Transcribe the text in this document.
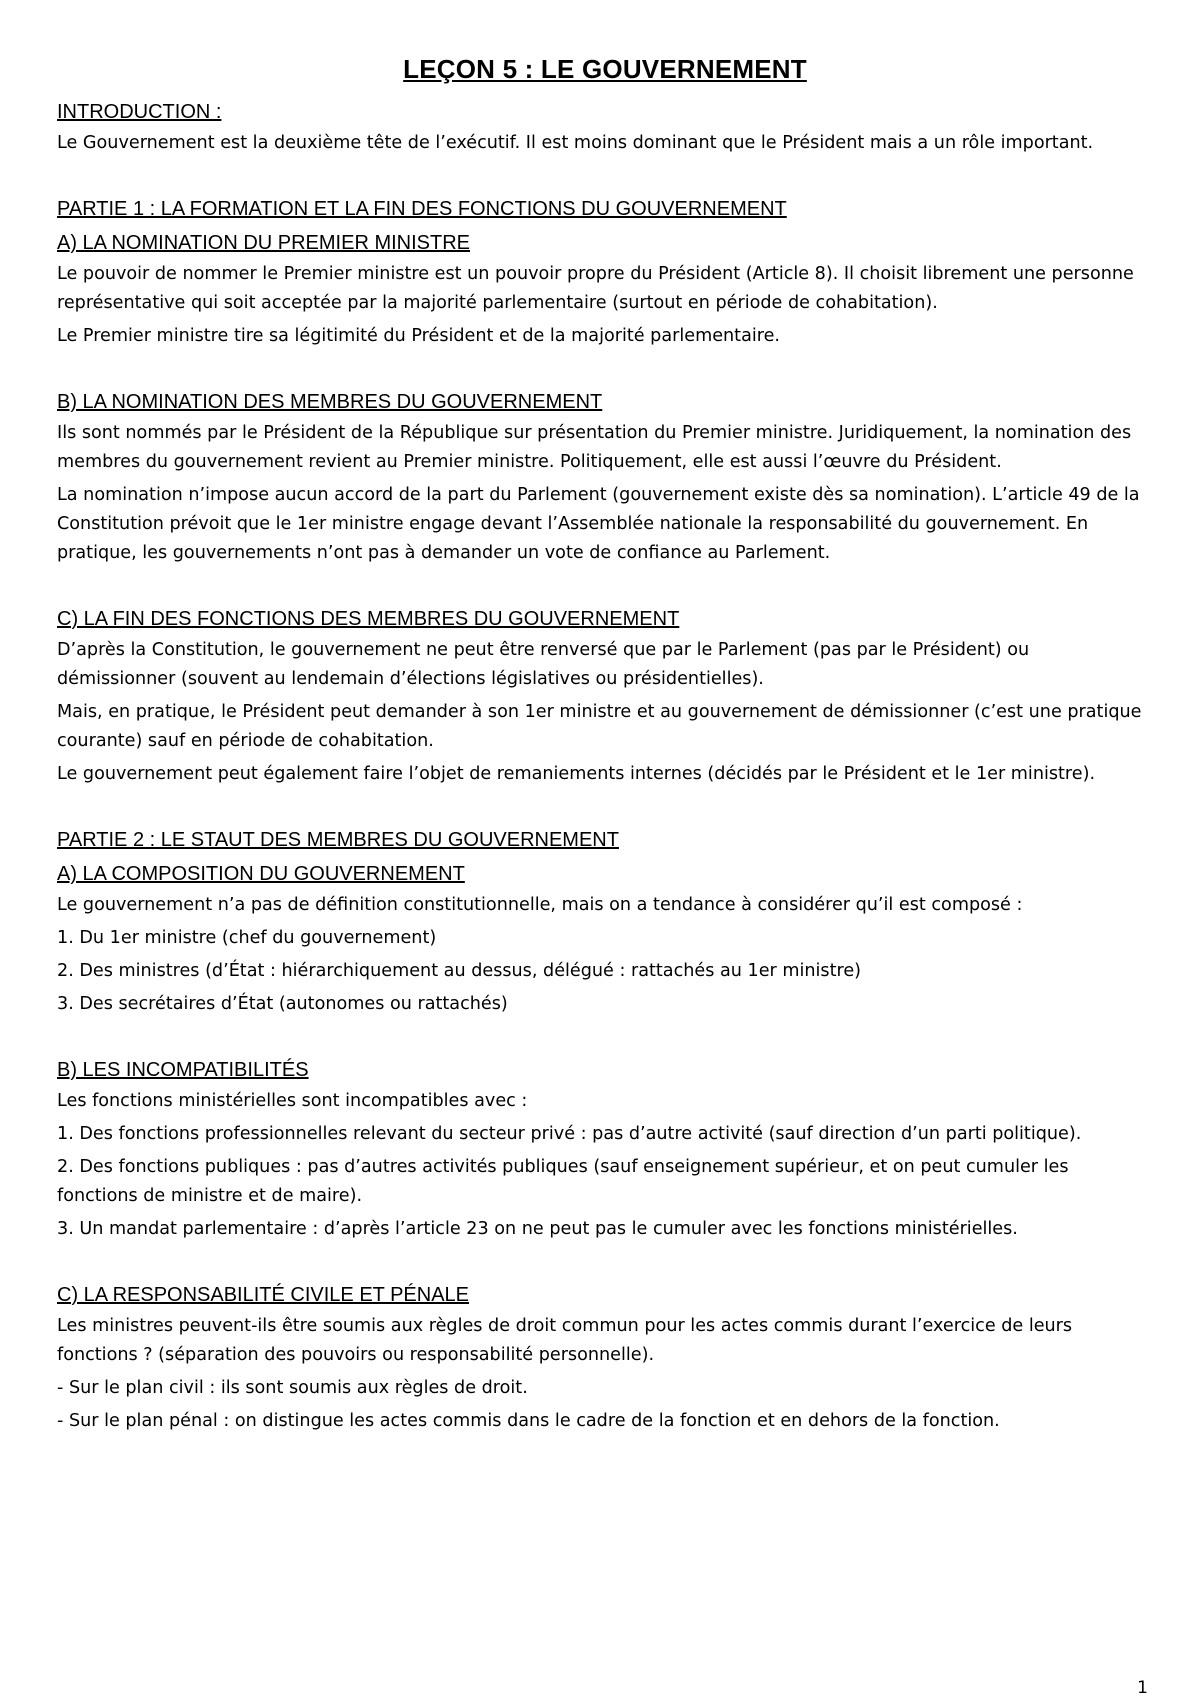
LEÇON 5 : LE GOUVERNEMENT
INTRODUCTION :

Le Gouvernement est la deuxième tête de l’exécutif. Il est moins dominant que le Président mais a un rôle important.

PARTIE 1 : LA FORMATION ET LA FIN DES FONCTIONS DU GOUVERNEMENT
A) LA NOMINATION DU PREMIER MINISTRE

Le pouvoir de nommer le Premier ministre est un pouvoir propre du Président (Article 8). Il choisit librement une personne représentative qui soit acceptée par la majorité parlementaire (surtout en période de cohabitation).

Le Premier ministre tire sa légitimité du Président et de la majorité parlementaire.

B) LA NOMINATION DES MEMBRES DU GOUVERNEMENT

Ils sont nommés par le Président de la République sur présentation du Premier ministre. Juridiquement, la nomination des membres du gouvernement revient au Premier ministre. Politiquement, elle est aussi l’œuvre du Président.

La nomination n’impose aucun accord de la part du Parlement (gouvernement existe dès sa nomination). L’article 49 de la Constitution prévoit que le 1er ministre engage devant l’Assemblée nationale la responsabilité du gouvernement. En pratique, les gouvernements n’ont pas à demander un vote de confiance au Parlement.

C) LA FIN DES FONCTIONS DES MEMBRES DU GOUVERNEMENT

D’après la Constitution, le gouvernement ne peut être renversé que par le Parlement (pas par le Président) ou démissionner (souvent au lendemain d’élections législatives ou présidentielles).

Mais, en pratique, le Président peut demander à son 1er ministre et au gouvernement de démissionner (c’est une pratique courante) sauf en période de cohabitation.

Le gouvernement peut également faire l’objet de remaniements internes (décidés par le Président et le 1er ministre).

PARTIE 2 : LE STAUT DES MEMBRES DU GOUVERNEMENT
A) LA COMPOSITION DU GOUVERNEMENT

Le gouvernement n’a pas de définition constitutionnelle, mais on a tendance à considérer qu’il est composé :

1. Du 1er ministre (chef du gouvernement)

2. Des ministres (d’État : hiérarchiquement au dessus, délégué : rattachés au 1er ministre)

3. Des secrétaires d’État (autonomes ou rattachés)

B) LES INCOMPATIBILITÉS

Les fonctions ministérielles sont incompatibles avec :

1. Des fonctions professionnelles relevant du secteur privé : pas d’autre activité (sauf direction d’un parti politique).

2. Des fonctions publiques : pas d’autres activités publiques (sauf enseignement supérieur, et on peut cumuler les fonctions de ministre et de maire).

3. Un mandat parlementaire : d’après l’article 23 on ne peut pas le cumuler avec les fonctions ministérielles.

C) LA RESPONSABILITÉ CIVILE ET PÉNALE

Les ministres peuvent-ils être soumis aux règles de droit commun pour les actes commis durant l’exercice de leurs fonctions ? (séparation des pouvoirs ou responsabilité personnelle).

- Sur le plan civil : ils sont soumis aux règles de droit.

- Sur le plan pénal : on distingue les actes commis dans le cadre de la fonction et en dehors de la fonction.

1
